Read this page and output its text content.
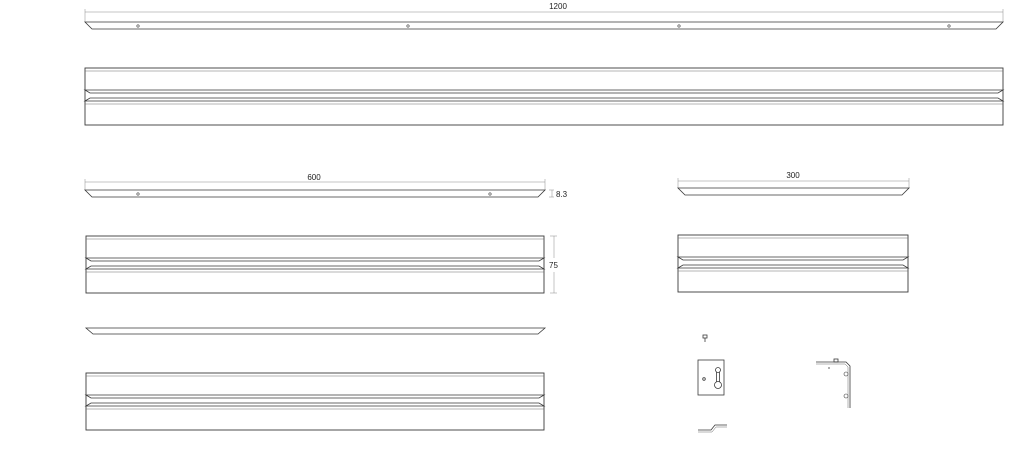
1200
600
8.3
75
300
